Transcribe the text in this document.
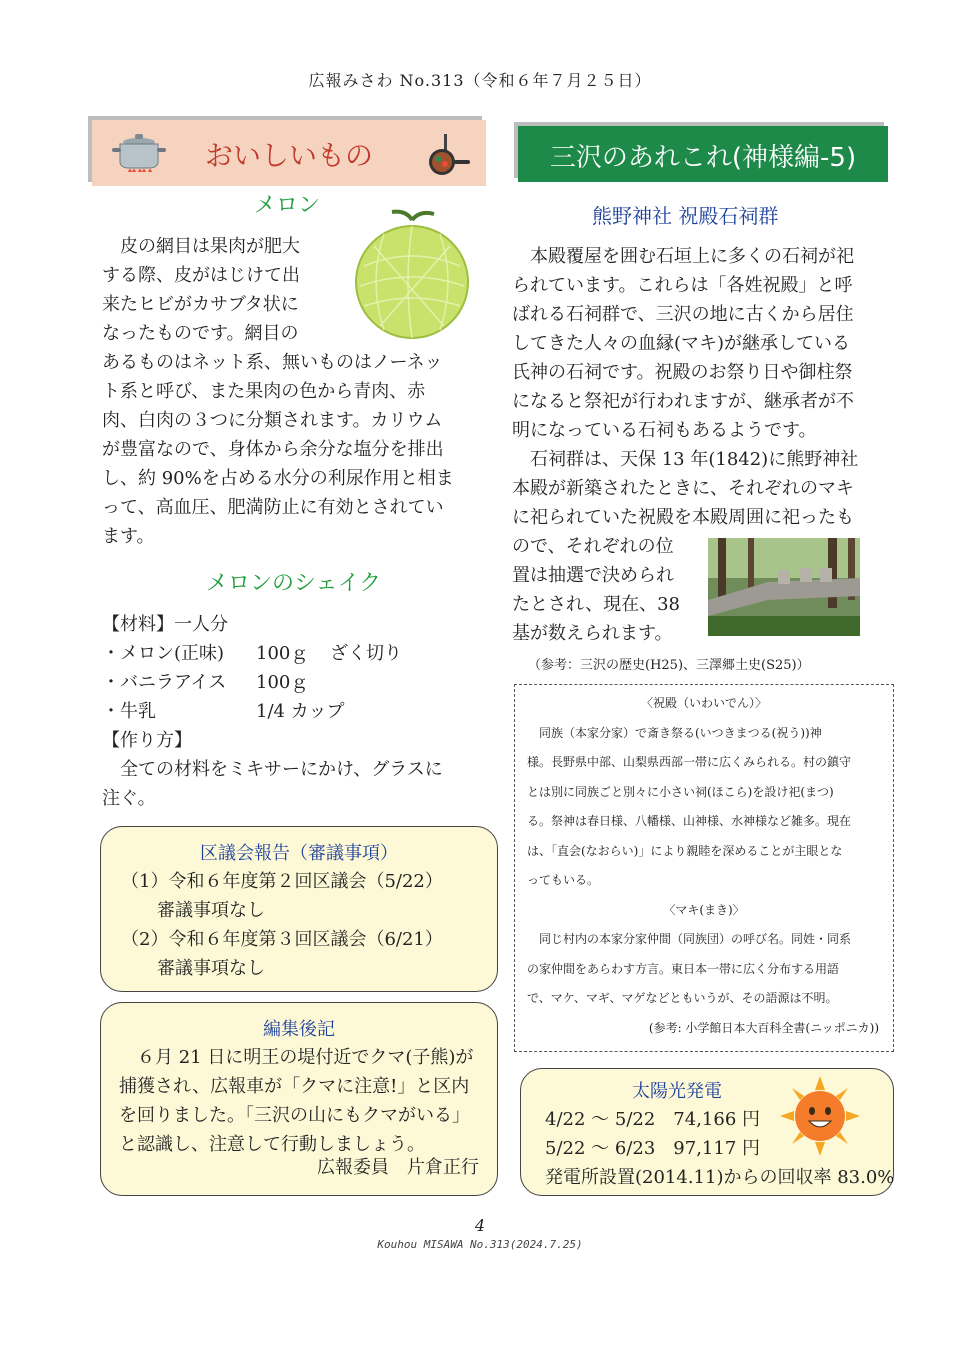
広報みさわ No.313（令和６年７月２５日）
おいしいもの
メロン
　皮の網目は果肉が肥大
する際、皮がはじけて出
来たヒビがカサブタ状に
なったものです。網目の
あるものはネット系、無いものはノーネッ
ト系と呼び、また果肉の色から青肉、赤
肉、白肉の３つに分類されます。カリウム
が豊富なので、身体から余分な塩分を排出
し、約 90%を占める水分の利尿作用と相ま
って、高血圧、肥満防止に有効とされてい
ます。
メロンのシェイク
【材料】一人分
・メロン(正味) 100ｇ ざく切り
・バニラアイス 100ｇ
・牛乳	1/4 カップ
【作り方】
　全ての材料をミキサーにかけ、グラスに
注ぐ。
区議会報告（審議事項）
（1）令和６年度第２回区議会（5/22）
　　審議事項なし
（2）令和６年度第３回区議会（6/21）
　　審議事項なし
編集後記
　６月 21 日に明王の堤付近でクマ(子熊)が
捕獲され、広報車が「クマに注意!」と区内
を回りました。「三沢の山にもクマがいる」
と認識し、注意して行動しましょう。
広報委員　片倉正行
三沢のあれこれ(神様編-5)
熊野神社 祝殿石祠群
　本殿覆屋を囲む石垣上に多くの石祠が祀
られています。これらは「各姓祝殿」と呼
ばれる石祠群で、三沢の地に古くから居住
してきた人々の血縁(マキ)が継承している
氏神の石祠です。祝殿のお祭り日や御柱祭
になると祭祀が行われますが、継承者が不
明になっている石祠もあるようです。
　石祠群は、天保 13 年(1842)に熊野神社
本殿が新築されたときに、それぞれのマキ
に祀られていた祝殿を本殿周囲に祀ったも
ので、それぞれの位
置は抽選で決められ
たとされ、現在、38
基が数えられます。
（参考：三沢の歴史(H25)、三澤郷土史(S25)）
〈祝殿（いわいでん）〉
　同族（本家分家）で斎き祭る(いつきまつる(祝う))神
様。長野県中部、山梨県西部一帯に広くみられる。村の鎮守
とは別に同族ごと別々に小さい祠(ほこら)を設け祀(まつ)
る。祭神は春日様、八幡様、山神様、水神様など雑多。現在
は、「直会(なおらい)」により親睦を深めることが主眼とな
ってもいる。
〈マキ(まき)〉
　同じ村内の本家分家仲間（同族団）の呼び名。同姓・同系
の家仲間をあらわす方言。東日本一帯に広く分布する用語
で、マケ、マギ、マゲなどともいうが、その語源は不明。
(参考: 小学館日本大百科全書(ニッポニカ))
太陽光発電
4/22 ～ 5/22　74,166 円
5/22 ～ 6/23　97,117 円
発電所設置(2014.11)からの回収率 83.0%
4
Kouhou MISAWA No.313(2024.7.25)
